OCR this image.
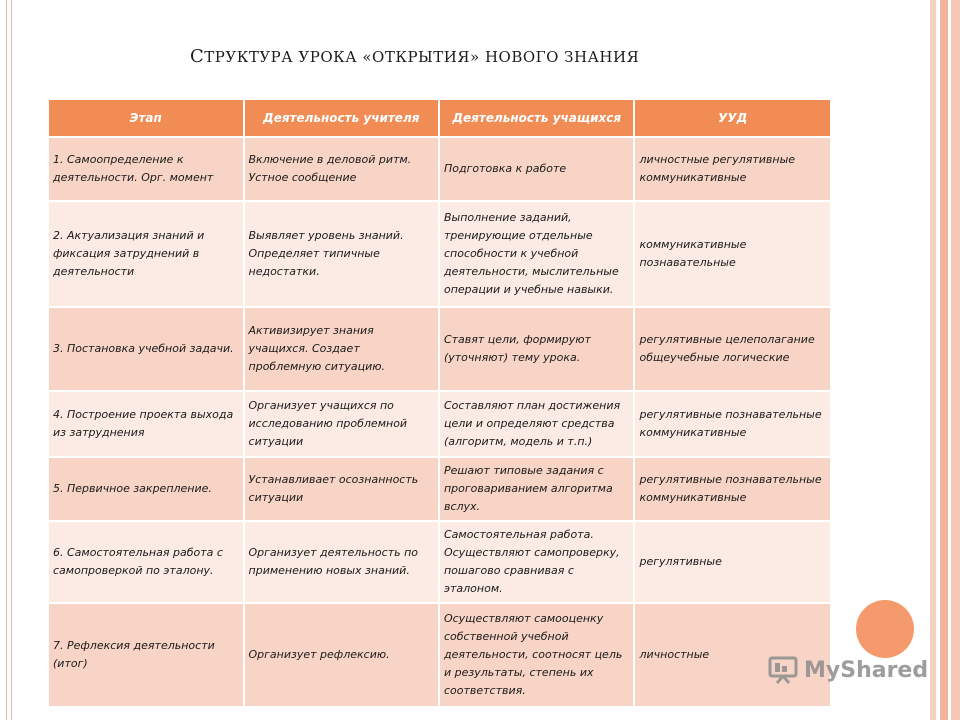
СТРУКТУРА УРОКА «ОТКРЫТИЯ» НОВОГО ЗНАНИЯ
Этап	Деятельность учителя	Деятельность учащихся	УУД
1. Самоопределение к деятельности. Орг. момент	Включение в деловой ритм. Устное сообщение	Подготовка к работе	личностные регулятивные коммуникативные
2. Актуализация знаний и фиксация затруднений в деятельности	Выявляет уровень знаний. Определяет типичные недостатки.	Выполнение заданий, тренирующие отдельные способности к учебной деятельности, мыслительные операции и учебные навыки.	коммуникативные познавательные
3. Постановка учебной задачи.	Активизирует знания учащихся. Создает проблемную ситуацию.	Ставят цели, формируют (уточняют) тему урока.	регулятивные целеполагание общеучебные логические
4. Построение проекта выхода из затруднения	Организует учащихся по исследованию проблемной ситуации	Составляют план достижения цели и определяют средства (алгоритм, модель и т.п.)	регулятивные познавательные коммуникативные
5. Первичное закрепление.	Устанавливает осознанность ситуации	Решают типовые задания с проговариванием алгоритма вслух.	регулятивные познавательные коммуникативные
6. Самостоятельная работа с самопроверкой по эталону.	Организует деятельность по применению новых знаний.	Самостоятельная работа. Осуществляют самопроверку, пошагово сравнивая с эталоном.	регулятивные
7. Рефлексия деятельности (итог)	Организует рефлексию.	Осуществляют самооценку собственной учебной деятельности, соотносят цель и результаты, степень их соответствия.	личностные
MyShared
